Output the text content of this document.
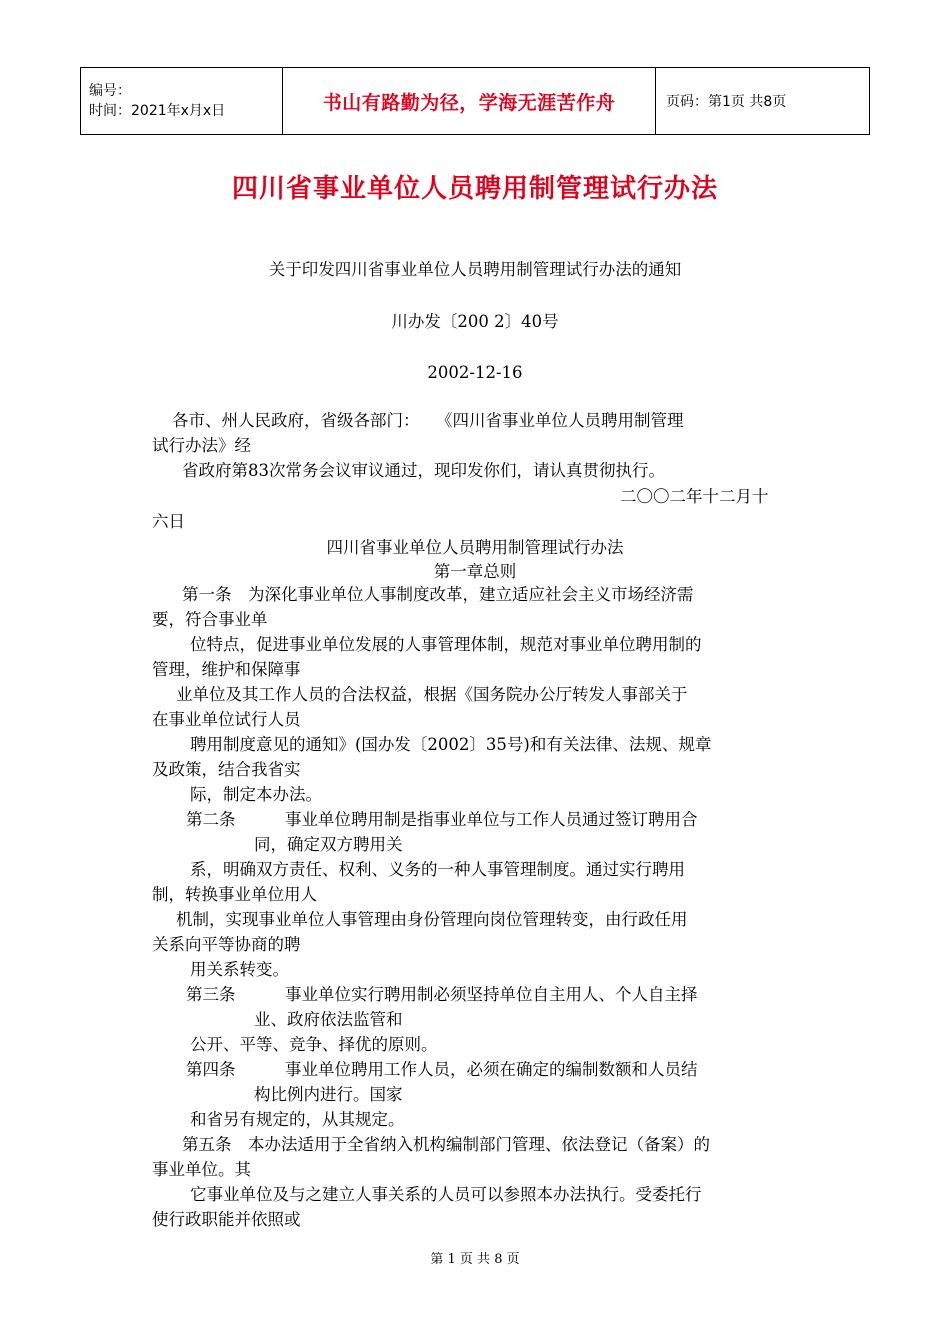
编号：
时间：2021年x月x日	书山有路勤为径，学海无涯苦作舟	页码：第1页 共8页
四川省事业单位人员聘用制管理试行办法
关于印发四川省事业单位人员聘用制管理试行办法的通知
川办发〔200 2〕40号
2002-12-16
各市、州人民政府，省级各部门：　　《四川省事业单位人员聘用制管理
试行办法》经
省政府第83次常务会议审议通过，现印发你们，请认真贯彻执行。
二〇〇二年十二月十
六日
四川省事业单位人员聘用制管理试行办法
第一章总则
第一条　为深化事业单位人事制度改革，建立适应社会主义市场经济需
要，符合事业单
位特点，促进事业单位发展的人事管理体制，规范对事业单位聘用制的
管理，维护和保障事
业单位及其工作人员的合法权益，根据《国务院办公厅转发人事部关于
在事业单位试行人员
聘用制度意见的通知》(国办发〔2002〕35号)和有关法律、法规、规章
及政策，结合我省实
际，制定本办法。
第二条　　　事业单位聘用制是指事业单位与工作人员通过签订聘用合
同，确定双方聘用关
系，明确双方责任、权利、义务的一种人事管理制度。通过实行聘用
制，转换事业单位用人
机制，实现事业单位人事管理由身份管理向岗位管理转变，由行政任用
关系向平等协商的聘
用关系转变。
第三条　　　事业单位实行聘用制必须坚持单位自主用人、个人自主择
业、政府依法监管和
公开、平等、竞争、择优的原则。
第四条　　　事业单位聘用工作人员，必须在确定的编制数额和人员结
构比例内进行。国家
和省另有规定的，从其规定。
第五条　本办法适用于全省纳入机构编制部门管理、依法登记（备案）的
事业单位。其
它事业单位及与之建立人事关系的人员可以参照本办法执行。受委托行
使行政职能并依照或
第 1 页 共 8 页
